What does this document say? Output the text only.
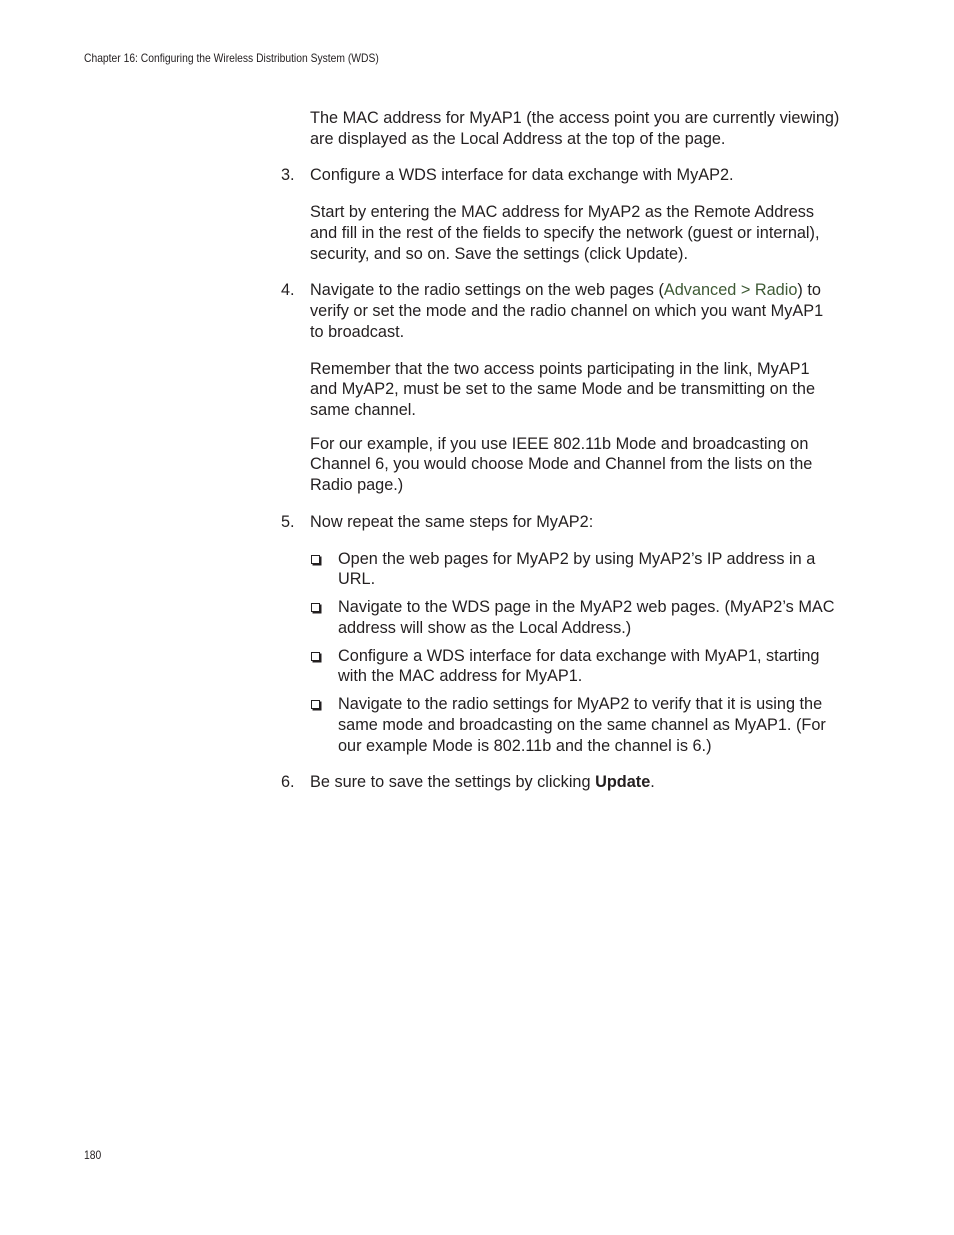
Chapter 16: Configuring the Wireless Distribution System (WDS)

The MAC address for MyAP1 (the access point you are currently viewing) are displayed as the Local Address at the top of the page.

3. Configure a WDS interface for data exchange with MyAP2.

Start by entering the MAC address for MyAP2 as the Remote Address and fill in the rest of the fields to specify the network (guest or internal), security, and so on. Save the settings (click Update).

4. Navigate to the radio settings on the web pages (Advanced > Radio) to verify or set the mode and the radio channel on which you want MyAP1 to broadcast.

Remember that the two access points participating in the link, MyAP1 and MyAP2, must be set to the same Mode and be transmitting on the same channel.

For our example, if you use IEEE 802.11b Mode and broadcasting on Channel 6, you would choose Mode and Channel from the lists on the Radio page.)

5. Now repeat the same steps for MyAP2:
Open the web pages for MyAP2 by using MyAP2’s IP address in a URL.
Navigate to the WDS page in the MyAP2 web pages. (MyAP2’s MAC address will show as the Local Address.)
Configure a WDS interface for data exchange with MyAP1, starting with the MAC address for MyAP1.
Navigate to the radio settings for MyAP2 to verify that it is using the same mode and broadcasting on the same channel as MyAP1. (For our example Mode is 802.11b and the channel is 6.)
6. Be sure to save the settings by clicking Update.
180
